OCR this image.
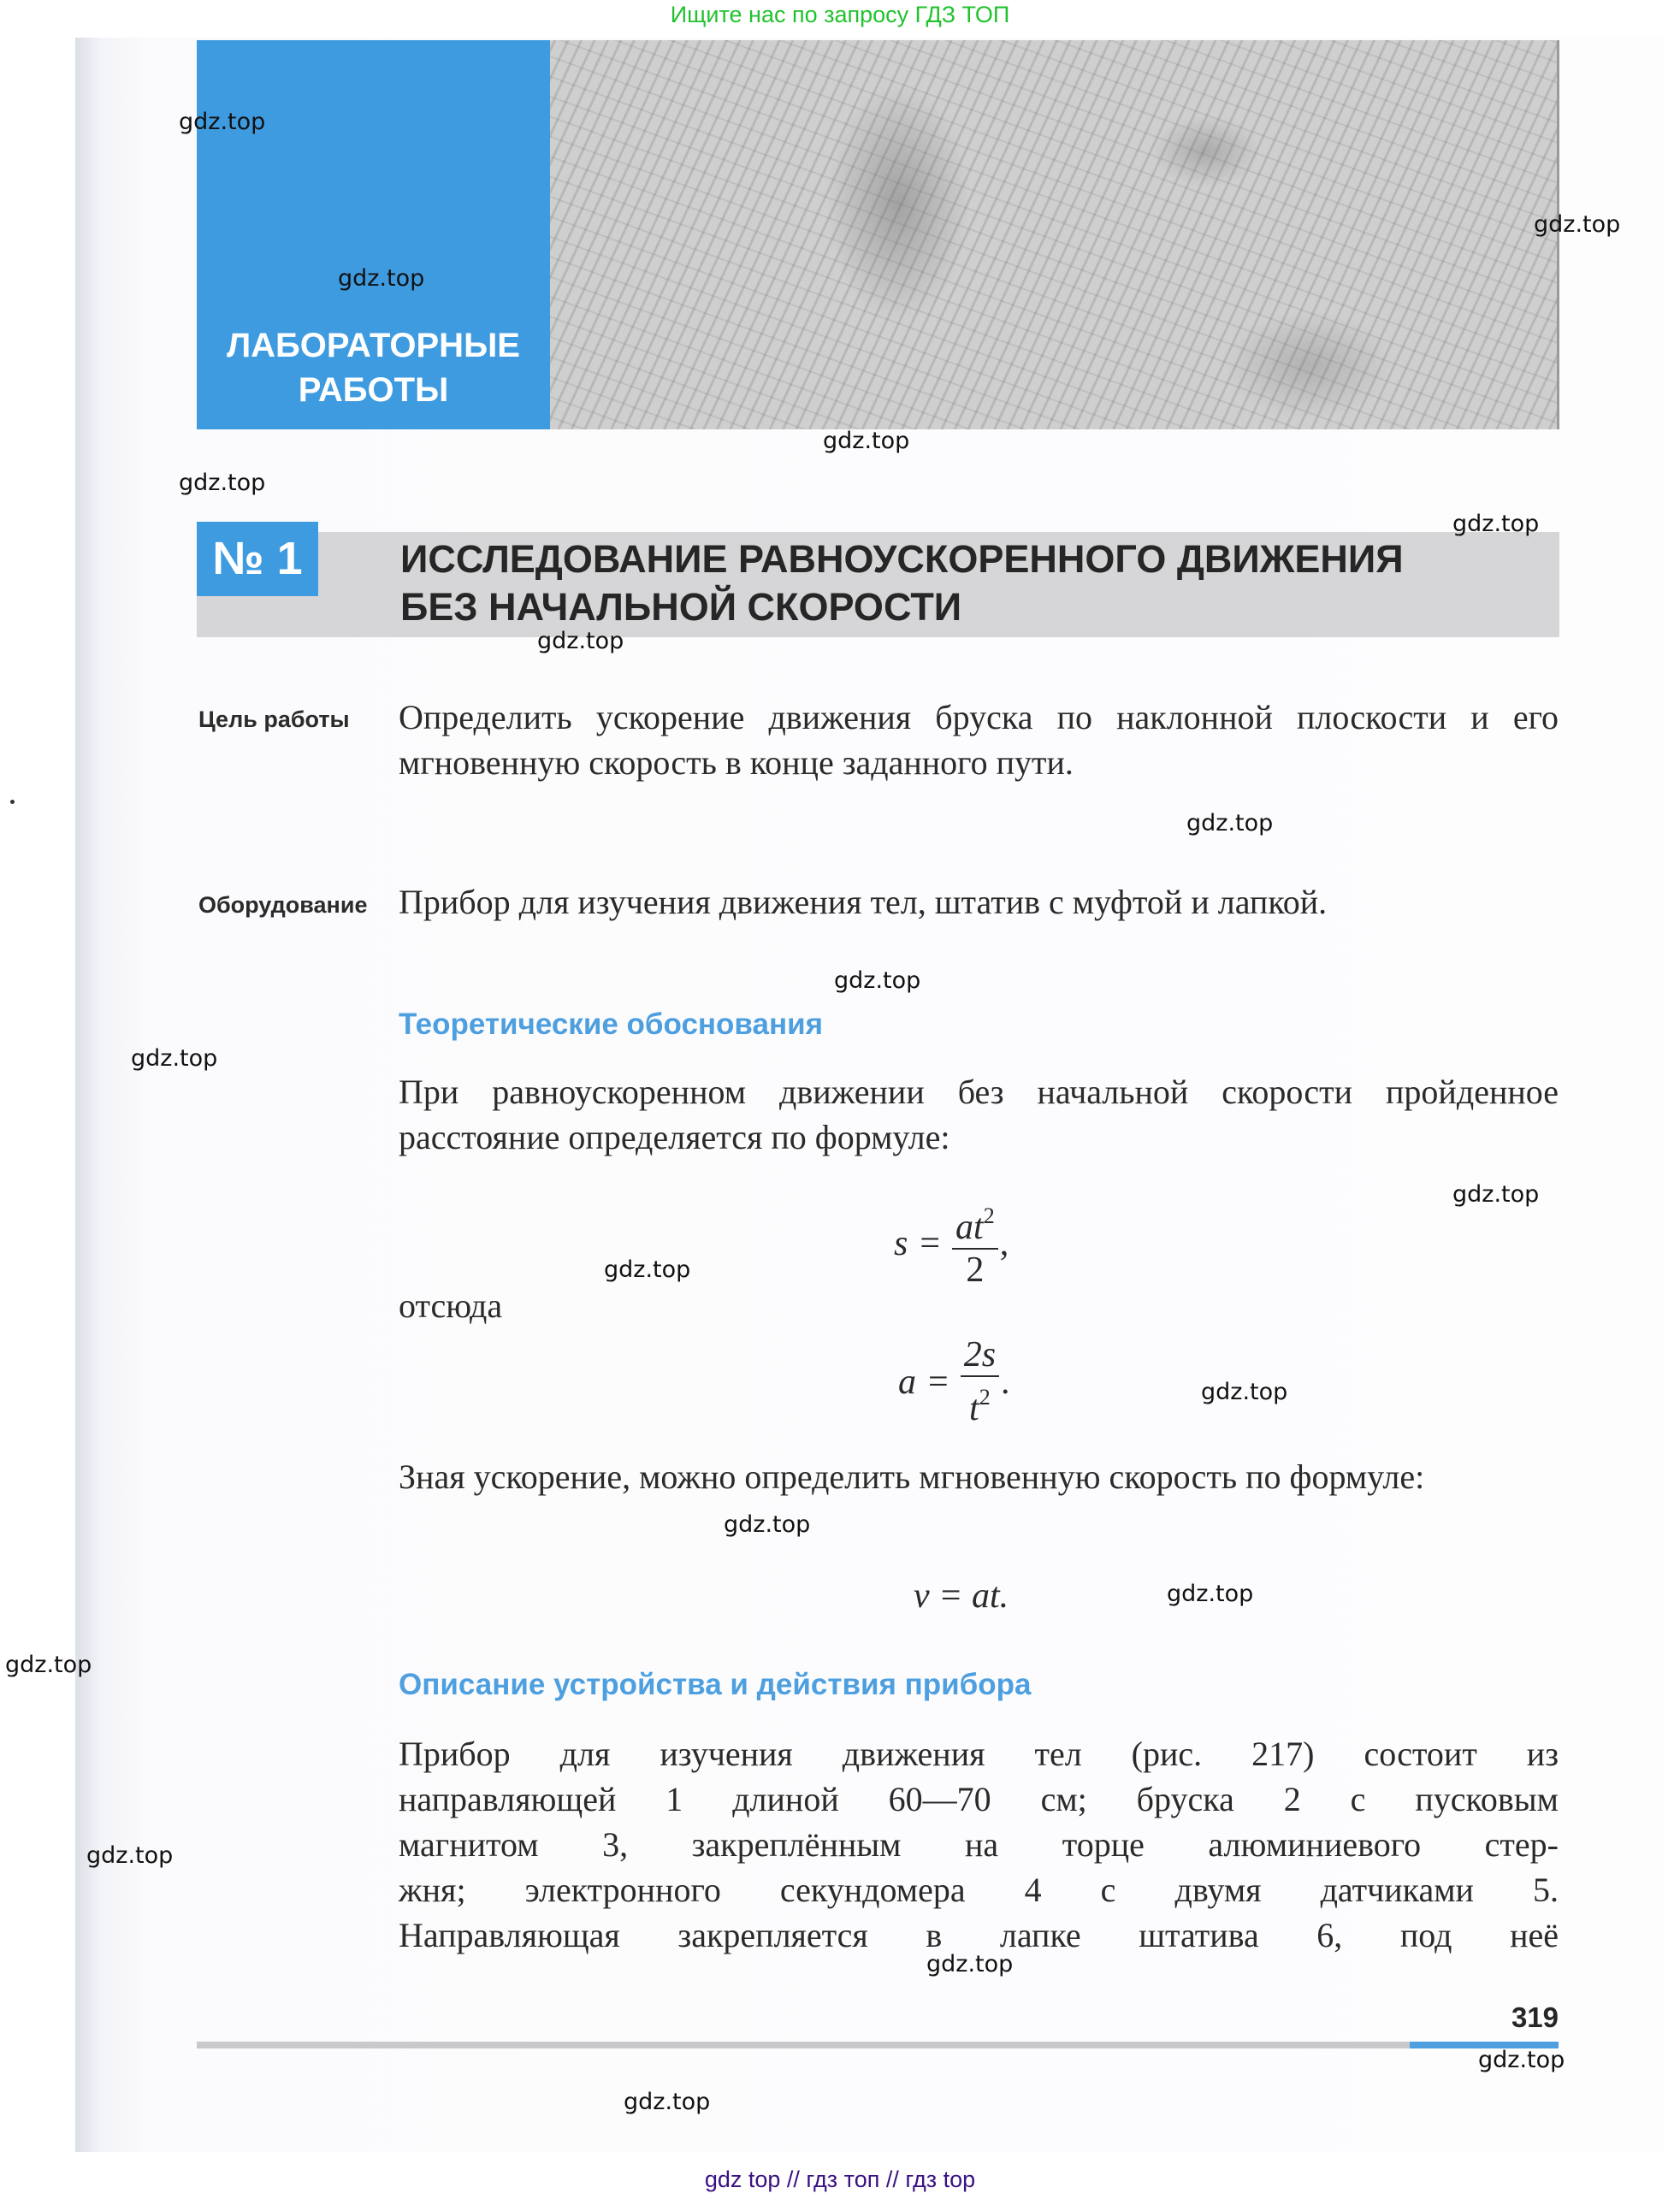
Ищите нас по запросу ГДЗ ТОП
ЛАБОРАТОРНЫЕ
РАБОТЫ
№ 1	ИССЛЕДОВАНИЕ РАВНОУСКОРЕННОГО ДВИЖЕНИЯ
БЕЗ НАЧАЛЬНОЙ СКОРОСТИ
Цель работы Определить ускорение движения бруска по наклонной плоскости и его мгновенную скорость в конце заданного пути.
Оборудование Прибор для изучения движения тел, штатив с муфтой и лапкой.
Теоретические обоснования
При равноускоренном движении без начальной скорости пройденное расстояние определяется по формуле:
$s = \frac{at^2}{2}$ ,
отсюда
$a = \frac{2s}{t^2}$ .
Зная ускорение, можно определить мгновенную скорость по формуле:
v = at.
Описание устройства и действия прибора
Прибор для изучения движения тел (рис. 217) состоит из
направляющей 1 длиной 60—70 см; бруска 2 с пусковым
магнитом 3, закреплённым на торце алюминиевого стер-
жня; электронного секундомера 4 с двумя датчиками 5.
Направляющая закрепляется в лапке штатива 6, под неё
319
gdz.top
gdz.top
gdz.top
gdz.top
gdz.top
gdz.top
gdz.top
gdz.top
gdz.top
gdz.top
gdz.top
gdz.top
gdz.top
gdz.top
gdz.top
gdz.top
gdz.top
gdz.top
gdz.top
gdz.top
gdz top // гдз топ // гдз top
